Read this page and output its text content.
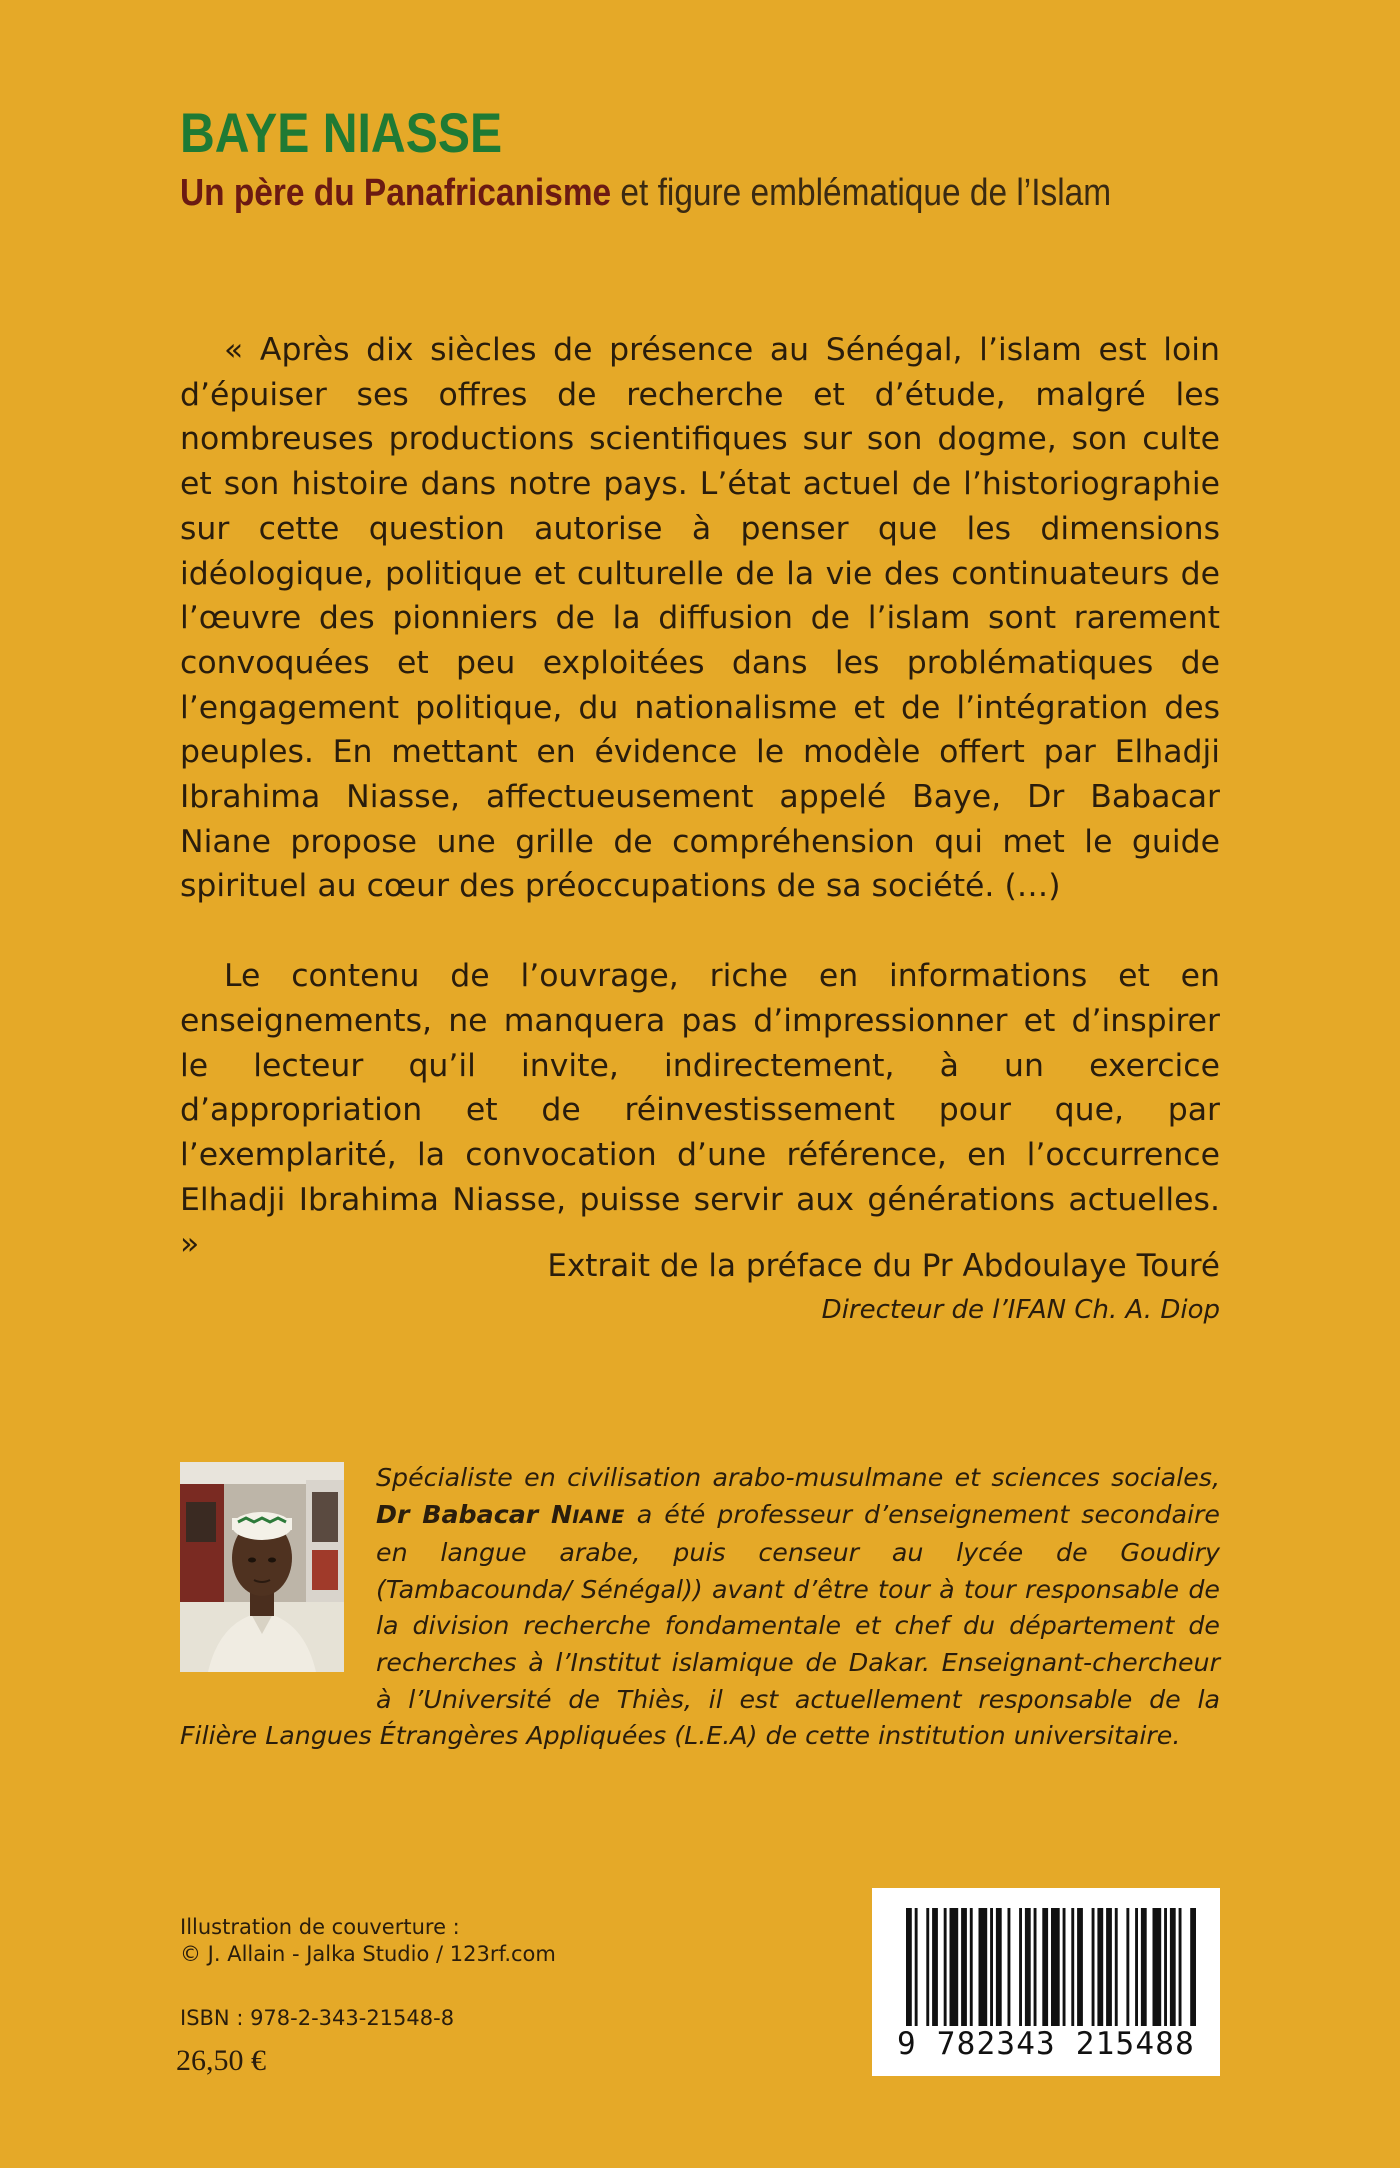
BAYE NIASSE

Un père du Panafricanisme et figure emblématique de l’Islam

« Après dix siècles de présence au Sénégal, l’islam est loin d’épuiser ses offres de recherche et d’étude, malgré les nombreuses productions scientifiques sur son dogme, son culte et son histoire dans notre pays. L’état actuel de l’historiographie sur cette question autorise à penser que les dimensions idéologique, politique et culturelle de la vie des continuateurs de l’œuvre des pionniers de la diffusion de l’islam sont rarement convoquées et peu exploitées dans les problématiques de l’engagement politique, du nationalisme et de l’intégration des peuples. En mettant en évidence le modèle offert par Elhadji Ibrahima Niasse, affectueusement appelé Baye, Dr Babacar Niane propose une grille de compréhension qui met le guide spirituel au cœur des préoccupations de sa société. (…)

Le contenu de l’ouvrage, riche en informations et en enseignements, ne manquera pas d’impressionner et d’inspirer le lecteur qu’il invite, indirectement, à un exercice d’appropriation et de réinvestissement pour que, par l’exemplarité, la convocation d’une référence, en l’occurrence Elhadji Ibrahima Niasse, puisse servir aux générations actuelles. »

Extrait de la préface du Pr Abdoulaye Touré
Directeur de l’IFAN Ch. A. Diop

Spécialiste en civilisation arabo-musulmane et sciences sociales, Dr Babacar NIANE a été professeur d’enseignement secondaire en langue arabe, puis censeur au lycée de Goudiry (Tambacounda/ Sénégal)) avant d’être tour à tour responsable de la division recherche fondamentale et chef du département de recherches à l’Institut islamique de Dakar. Enseignant-chercheur à l’Université de Thiès, il est actuellement responsable de la Filière Langues Étrangères Appliquées (L.E.A) de cette institution universitaire.

Illustration de couverture :
© J. Allain - Jalka Studio / 123rf.com
ISBN : 978-2-343-21548-8
26,50 €	9 782343 215488
